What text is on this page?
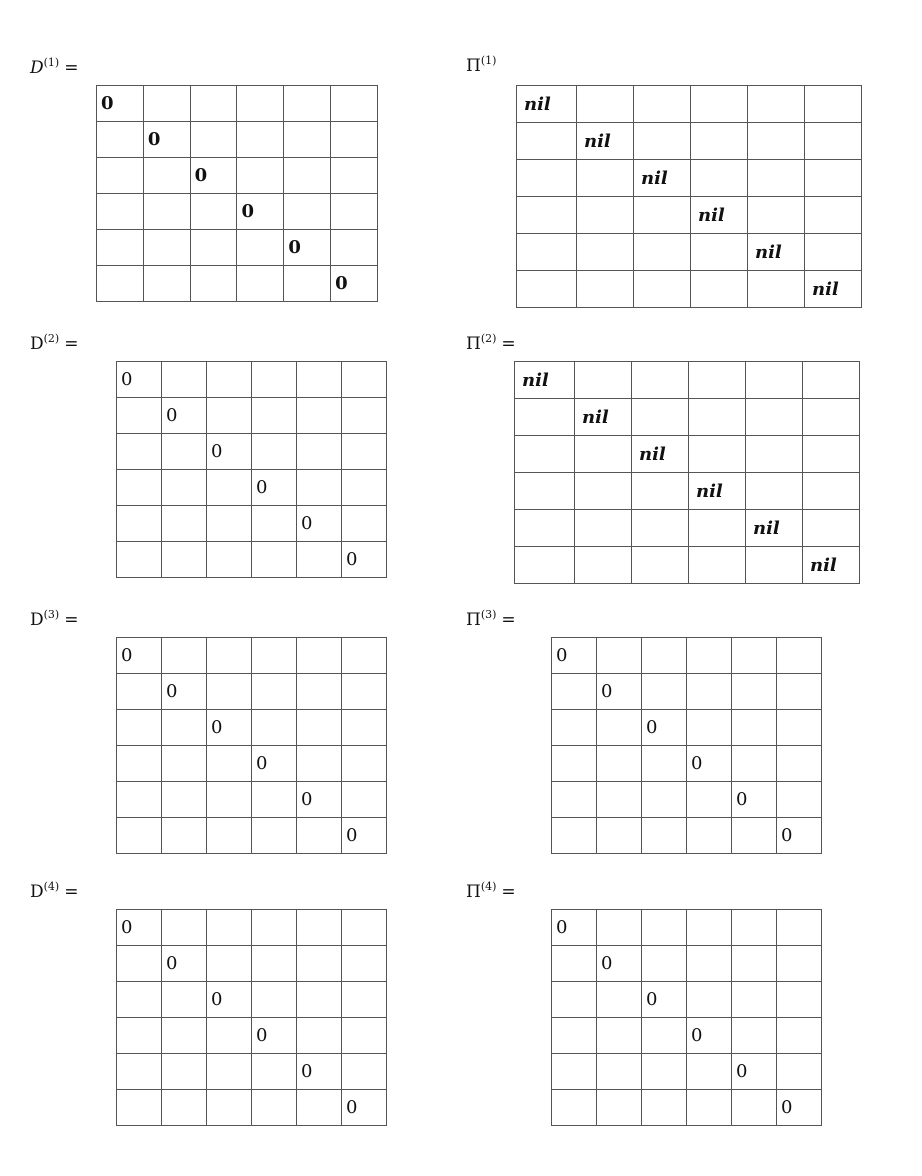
$D^{(1)}$ =
0					
	0				
		0			
			0		
				0	
					0
$\Pi^{(1)}$
nil					
	nil				
		nil			
			nil		
				nil	
					nil
$D^{(2)}$ =
0					
	0				
		0			
			0		
				0	
					0
$\Pi^{(2)}$ =
nil					
	nil				
		nil			
			nil		
				nil	
					nil
$D^{(3)}$ =
0					
	0				
		0			
			0		
				0	
					0
$\Pi^{(3)}$ =
0					
	0				
		0			
			0		
				0	
					0
$D^{(4)}$ =
0					
	0				
		0			
			0		
				0	
					0
$\Pi^{(4)}$ =
0					
	0				
		0			
			0		
				0	
					0
